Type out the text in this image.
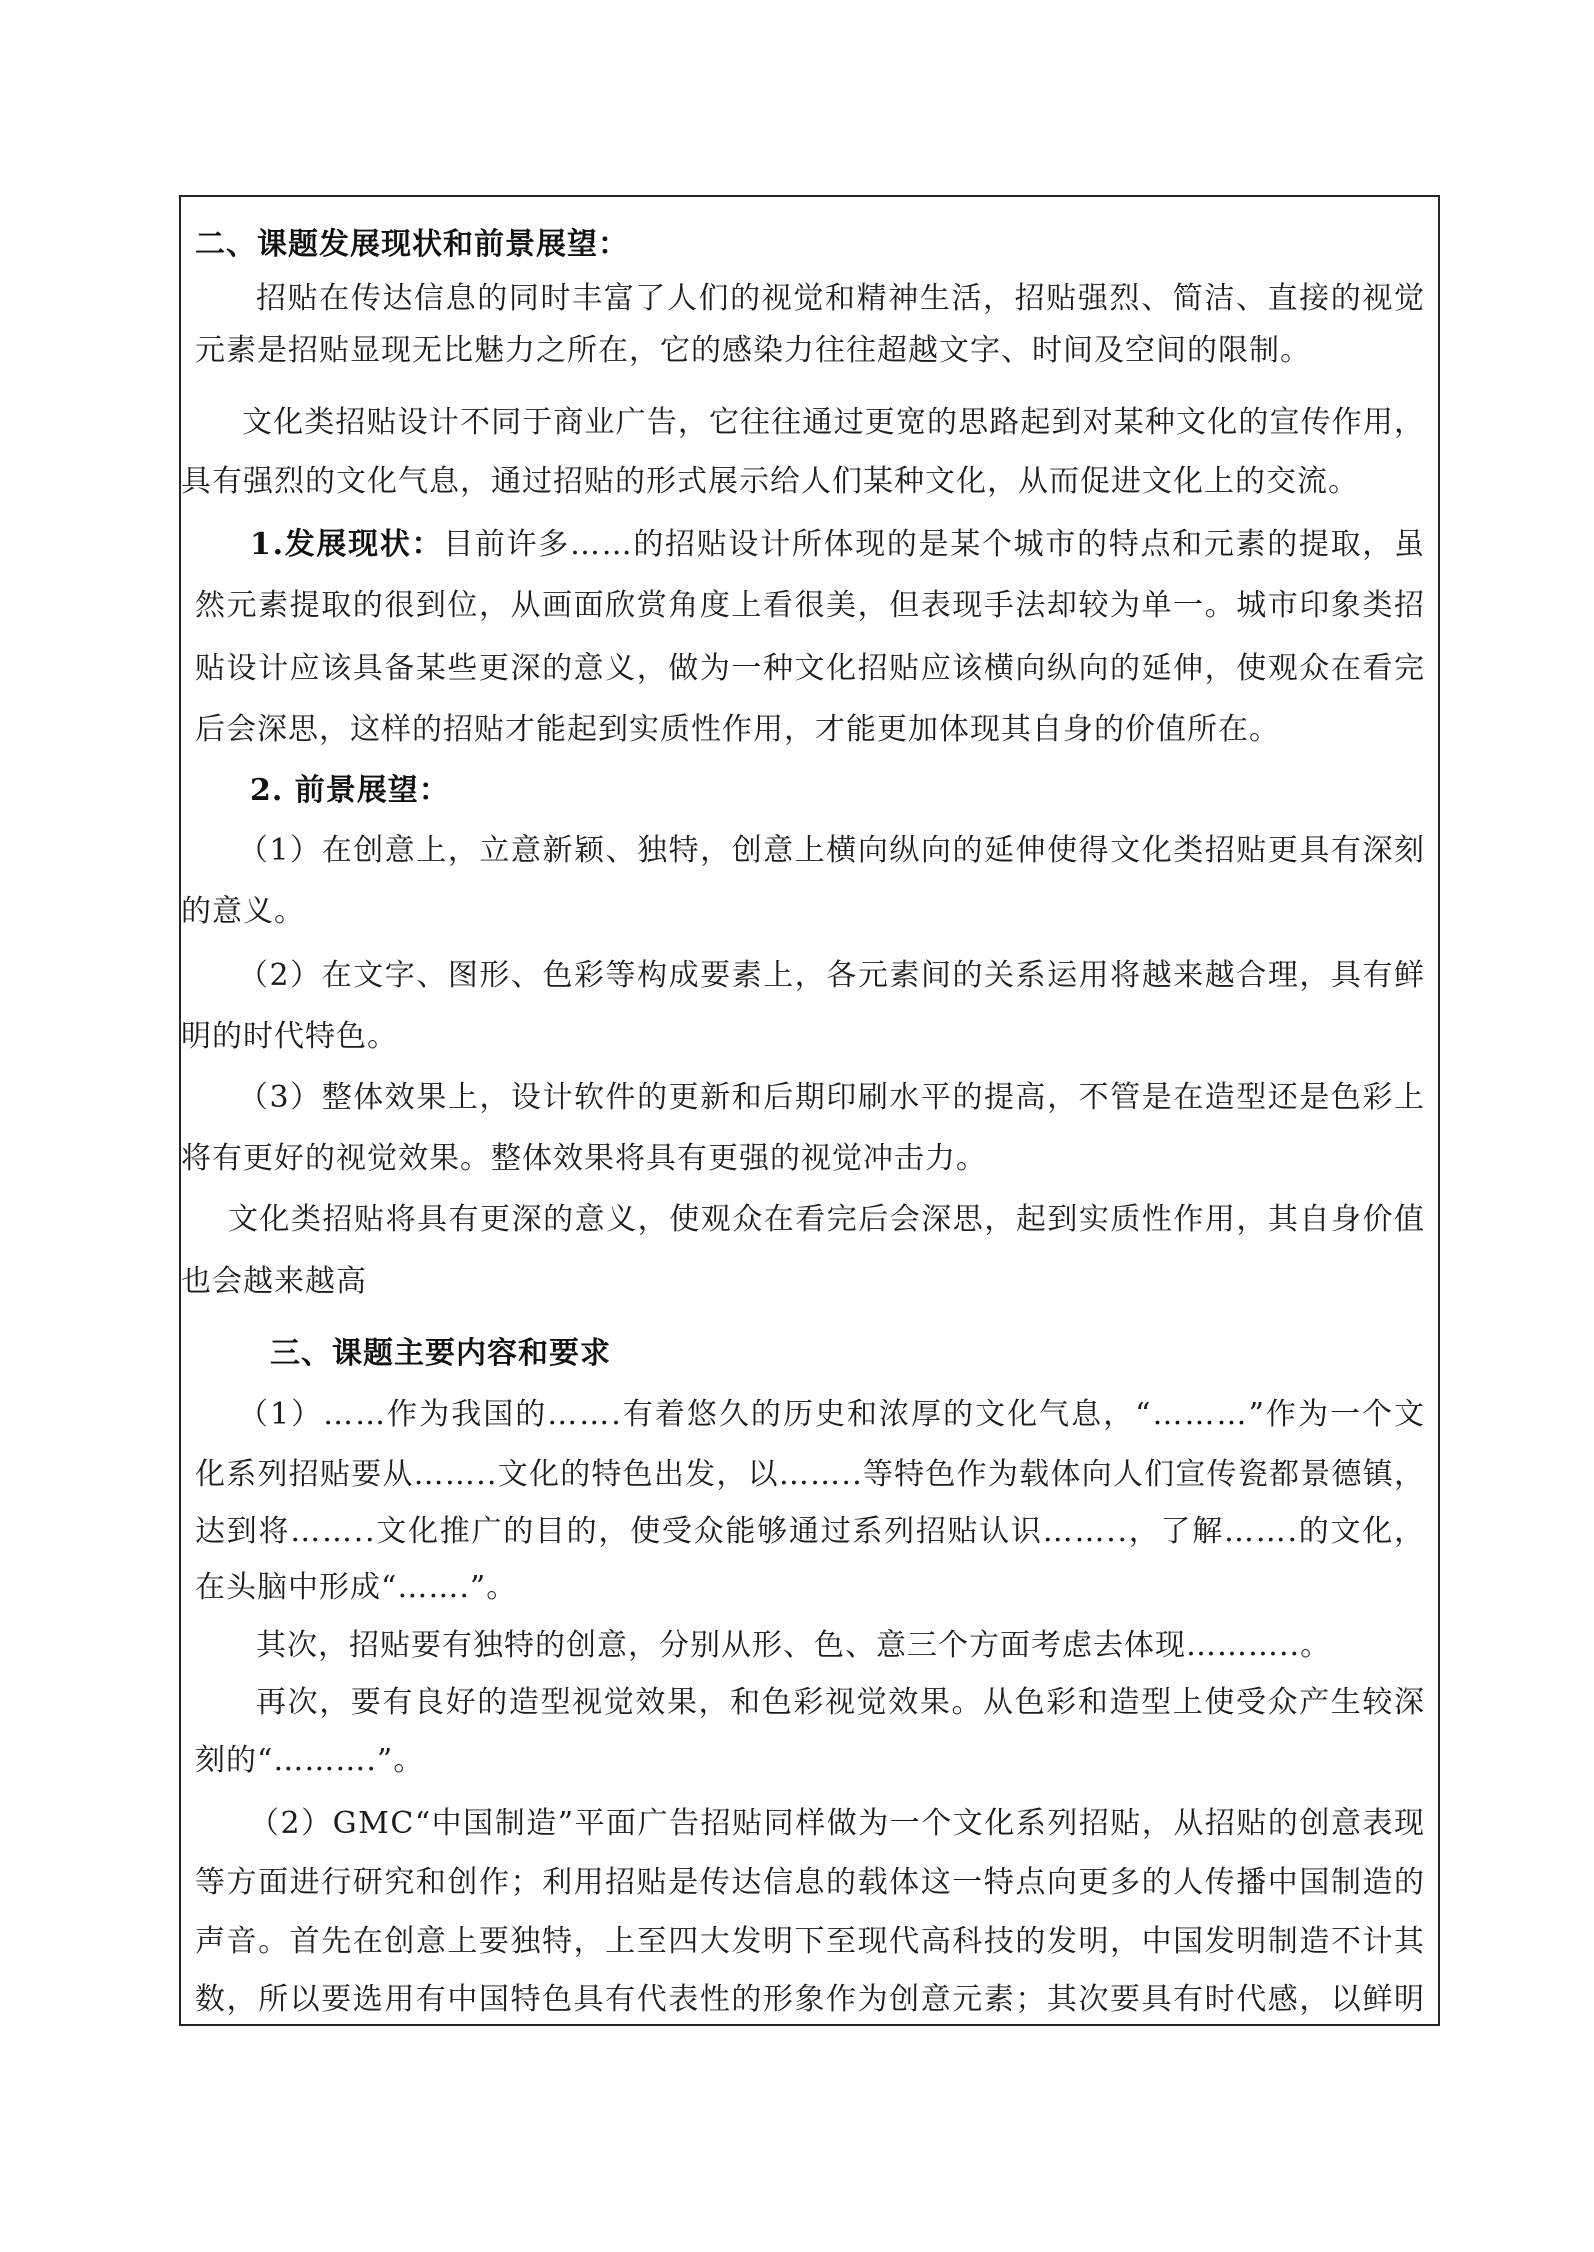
二、课题发展现状和前景展望：
招贴在传达信息的同时丰富了人们的视觉和精神生活，招贴强烈、简洁、直接的视觉
元素是招贴显现无比魅力之所在，它的感染力往往超越文字、时间及空间的限制。
文化类招贴设计不同于商业广告，它往往通过更宽的思路起到对某种文化的宣传作用，
具有强烈的文化气息，通过招贴的形式展示给人们某种文化，从而促进文化上的交流。
1.发展现状：目前许多……的招贴设计所体现的是某个城市的特点和元素的提取，虽
然元素提取的很到位，从画面欣赏角度上看很美，但表现手法却较为单一。城市印象类招
贴设计应该具备某些更深的意义，做为一种文化招贴应该横向纵向的延伸，使观众在看完
后会深思，这样的招贴才能起到实质性作用，才能更加体现其自身的价值所在。
2. 前景展望：
（1）在创意上，立意新颖、独特，创意上横向纵向的延伸使得文化类招贴更具有深刻
的意义。
（2）在文字、图形、色彩等构成要素上，各元素间的关系运用将越来越合理，具有鲜
明的时代特色。
（3）整体效果上，设计软件的更新和后期印刷水平的提高，不管是在造型还是色彩上
将有更好的视觉效果。整体效果将具有更强的视觉冲击力。
文化类招贴将具有更深的意义，使观众在看完后会深思，起到实质性作用，其自身价值
也会越来越高
三、课题主要内容和要求
（1）……作为我国的…….有着悠久的历史和浓厚的文化气息，“………”作为一个文
化系列招贴要从……..文化的特色出发，以……..等特色作为载体向人们宣传瓷都景德镇，
达到将……..文化推广的目的，使受众能够通过系列招贴认识……..，了解…….的文化，
在头脑中形成“…….”。
其次，招贴要有独特的创意，分别从形、色、意三个方面考虑去体现………..。
再次，要有良好的造型视觉效果，和色彩视觉效果。从色彩和造型上使受众产生较深
刻的“……….”。
（2）GMC“中国制造”平面广告招贴同样做为一个文化系列招贴，从招贴的创意表现
等方面进行研究和创作；利用招贴是传达信息的载体这一特点向更多的人传播中国制造的
声音。首先在创意上要独特，上至四大发明下至现代高科技的发明，中国发明制造不计其
数，所以要选用有中国特色具有代表性的形象作为创意元素；其次要具有时代感，以鲜明
